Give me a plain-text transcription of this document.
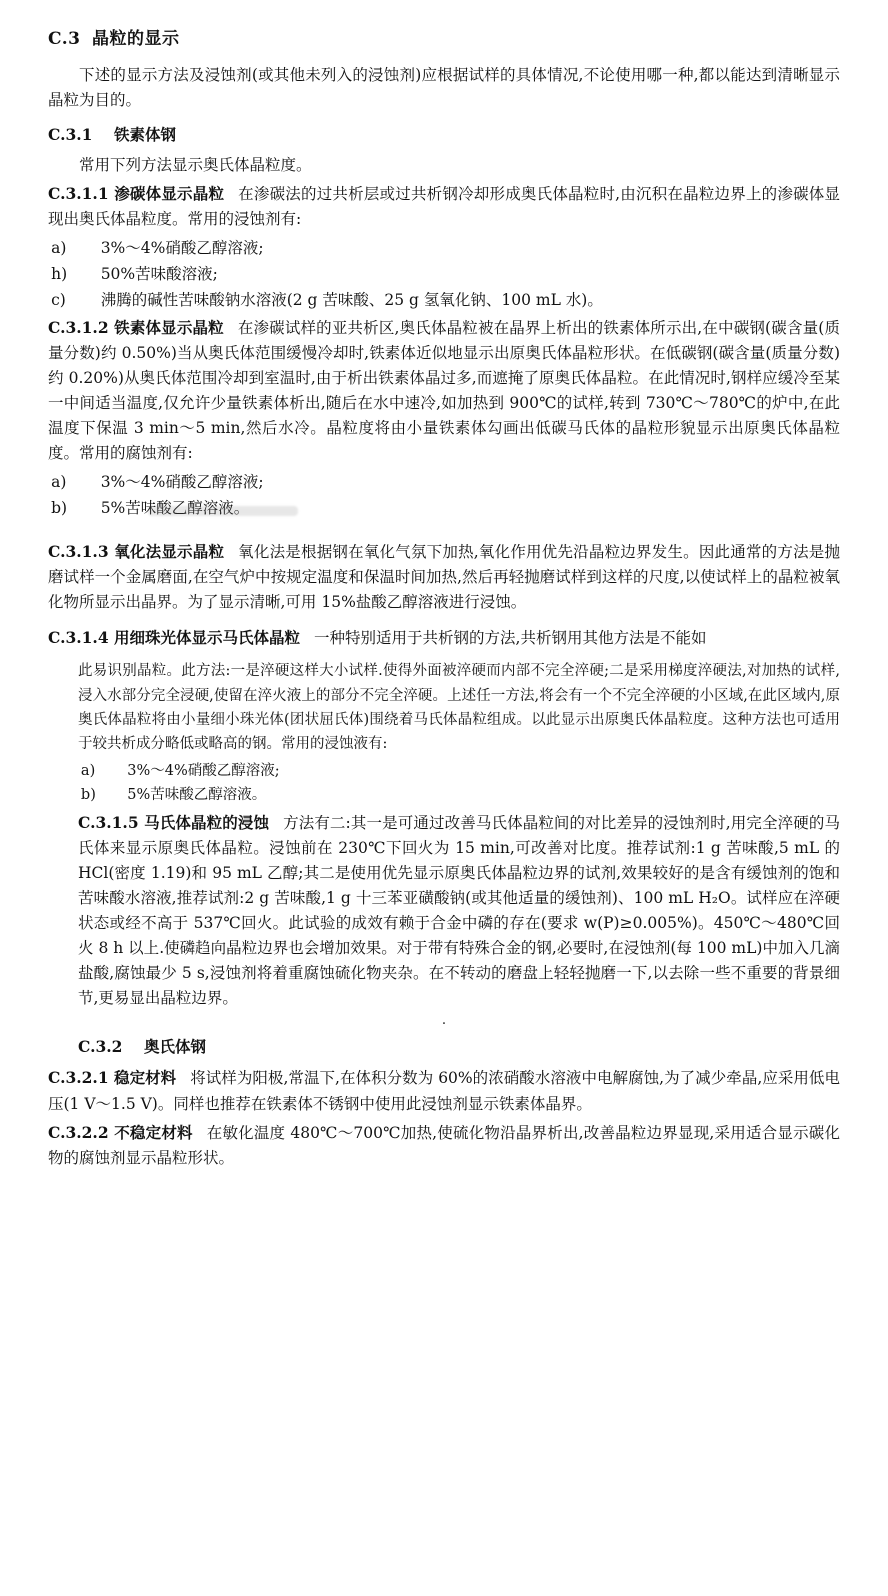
C.3 晶粒的显示

下述的显示方法及浸蚀剂(或其他未列入的浸蚀剂)应根据试样的具体情况,不论使用哪一种,都以能达到清晰显示晶粒为目的。

C.3.1 铁素体钢

常用下列方法显示奥氏体晶粒度。

C.3.1.1 渗碳体显示晶粒 在渗碳法的过共析层或过共析钢冷却形成奥氏体晶粒时,由沉积在晶粒边界上的渗碳体显现出奥氏体晶粒度。常用的浸蚀剂有:
a) 3%～4%硝酸乙醇溶液;
h) 50%苦味酸溶液;
c) 沸腾的碱性苦味酸钠水溶液(2 g 苦味酸、25 g 氢氧化钠、100 mL 水)。
C.3.1.2 铁素体显示晶粒 在渗碳试样的亚共析区,奥氏体晶粒被在晶界上析出的铁素体所示出,在中碳钢(碳含量(质量分数)约 0.50%)当从奥氏体范围缓慢冷却时,铁素体近似地显示出原奥氏体晶粒形状。在低碳钢(碳含量(质量分数)约 0.20%)从奥氏体范围冷却到室温时,由于析出铁素体晶过多,而遮掩了原奥氏体晶粒。在此情况时,钢样应缓冷至某一中间适当温度,仅允许少量铁素体析出,随后在水中速冷,如加热到 900℃的试样,转到 730℃～780℃的炉中,在此温度下保温 3 min～5 min,然后水冷。晶粒度将由小量铁素体勾画出低碳马氏体的晶粒形貌显示出原奥氏体晶粒度。常用的腐蚀剂有:
a) 3%～4%硝酸乙醇溶液;
b) 5%苦味酸乙醇溶液。
C.3.1.3 氧化法显示晶粒 氧化法是根据钢在氧化气氛下加热,氧化作用优先沿晶粒边界发生。因此通常的方法是抛磨试样一个金属磨面,在空气炉中按规定温度和保温时间加热,然后再轻抛磨试样到这样的尺度,以使试样上的晶粒被氧化物所显示出晶界。为了显示清晰,可用 15%盐酸乙醇溶液进行浸蚀。
C.3.1.4 用细珠光体显示马氏体晶粒 一种特别适用于共析钢的方法,共析钢用其他方法是不能如

此易识别晶粒。此方法:一是淬硬这样大小试样.使得外面被淬硬而内部不完全淬硬;二是采用梯度淬硬法,对加热的试样,浸入水部分完全浸硬,使留在淬火液上的部分不完全淬硬。上述任一方法,将会有一个不完全淬硬的小区域,在此区域内,原奥氏体晶粒将由小量细小珠光体(团状屈氏体)围绕着马氏体晶粒组成。以此显示出原奥氏体晶粒度。这种方法也可适用于较共析成分略低或略高的钢。常用的浸蚀液有:

a) 3%～4%硝酸乙醇溶液;
b) 5%苦味酸乙醇溶液。
C.3.1.5 马氏体晶粒的浸蚀 方法有二:其一是可通过改善马氏体晶粒间的对比差异的浸蚀剂时,用完全淬硬的马氏体来显示原奥氏体晶粒。浸蚀前在 230℃下回火为 15 min,可改善对比度。推荐试剂:1 g 苦味酸,5 mL 的 HCl(密度 1.19)和 95 mL 乙醇;其二是使用优先显示原奥氏体晶粒边界的试剂,效果较好的是含有缓蚀剂的饱和苦味酸水溶液,推荐试剂:2 g 苦味酸,1 g 十三苯亚磺酸钠(或其他适量的缓蚀剂)、100 mL H₂O。试样应在淬硬状态或经不高于 537℃回火。此试验的成效有赖于合金中磷的存在(要求 w(P)≥0.005%)。450℃～480℃回火 8 h 以上.使磷趋向晶粒边界也会增加效果。对于带有特殊合金的钢,必要时,在浸蚀剂(每 100 mL)中加入几滴盐酸,腐蚀最少 5 s,浸蚀剂将着重腐蚀硫化物夹杂。在不转动的磨盘上轻轻抛磨一下,以去除一些不重要的背景细节,更易显出晶粒边界。
.
C.3.2 奥氏体钢
C.3.2.1 稳定材料 将试样为阳极,常温下,在体积分数为 60%的浓硝酸水溶液中电解腐蚀,为了减少牵晶,应采用低电压(1 V～1.5 V)。同样也推荐在铁素体不锈钢中使用此浸蚀剂显示铁素体晶界。
C.3.2.2 不稳定材料 在敏化温度 480℃～700℃加热,使硫化物沿晶界析出,改善晶粒边界显现,采用适合显示碳化物的腐蚀剂显示晶粒形状。
